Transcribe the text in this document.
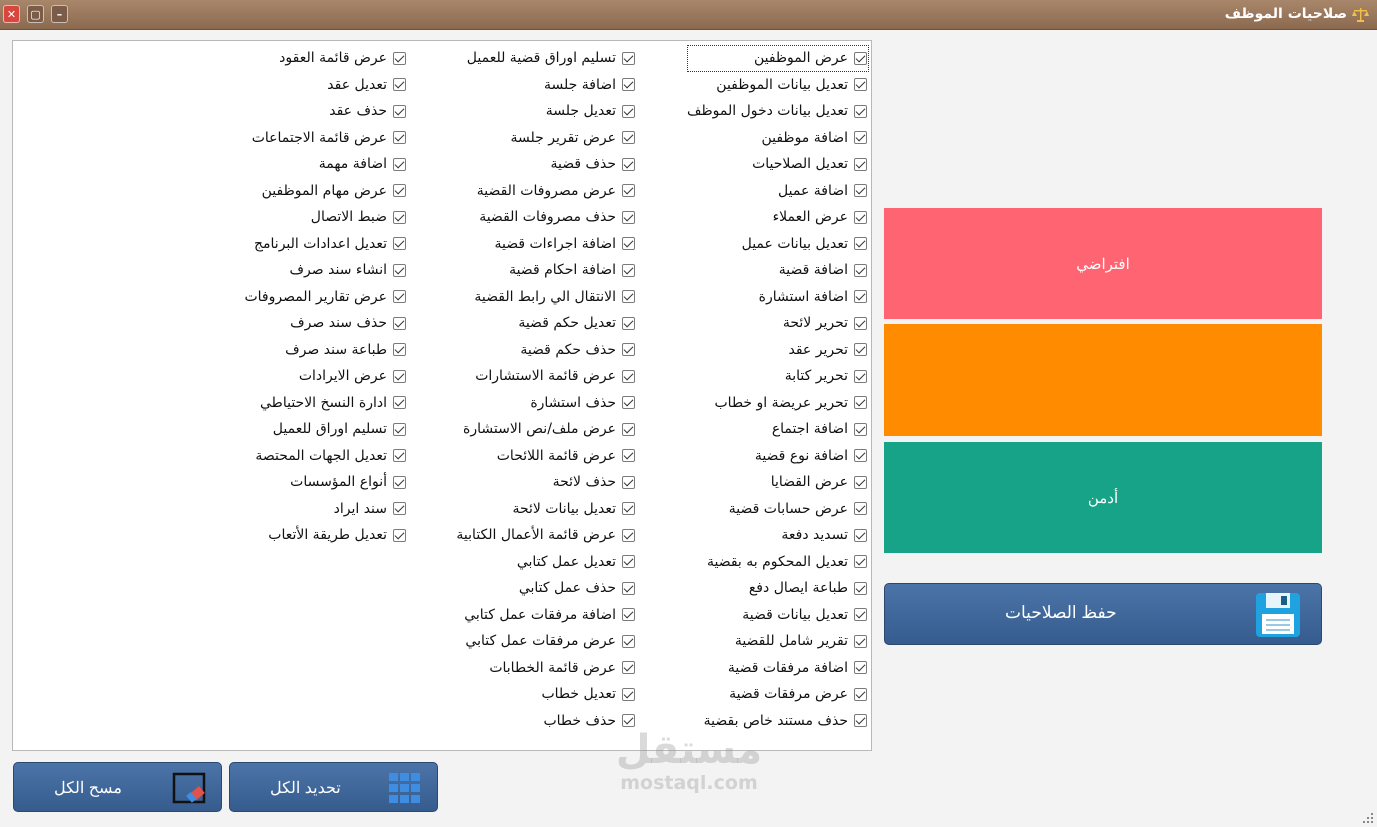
✕	▢	–	صلاحيات الموظف
عرض الموظفين
تعديل بيانات الموظفين
تعديل بيانات دخول الموظف
اضافة موظفين
تعديل الصلاحيات
اضافة عميل
عرض العملاء
تعديل بيانات عميل
اضافة قضية
اضافة استشارة
تحرير لائحة
تحرير عقد
تحرير كتابة
تحرير عريضة او خطاب
اضافة اجتماع
اضافة نوع قضية
عرض القضايا
عرض حسابات قضية
تسديد دفعة
تعديل المحكوم به بقضية
طباعة ايصال دفع
تعديل بيانات قضية
تقرير شامل للقضية
اضافة مرفقات قضية
عرض مرفقات قضية
حذف مستند خاص بقضية
تسليم اوراق قضية للعميل
اضافة جلسة
تعديل جلسة
عرض تقرير جلسة
حذف قضية
عرض مصروفات القضية
حذف مصروفات القضية
اضافة اجراءات قضية
اضافة احكام قضية
الانتقال الي رابط القضية
تعديل حكم قضية
حذف حكم قضية
عرض قائمة الاستشارات
حذف استشارة
عرض ملف/نص الاستشارة
عرض قائمة اللائحات
حذف لائحة
تعديل بيانات لائحة
عرض قائمة الأعمال الكتابية
تعديل عمل كتابي
حذف عمل كتابي
اضافة مرفقات عمل كتابي
عرض مرفقات عمل كتابي
عرض قائمة الخطابات
تعديل خطاب
حذف خطاب
عرض قائمة العقود
تعديل عقد
حذف عقد
عرض قائمة الاجتماعات
اضافة مهمة
عرض مهام الموظفين
ضبط الاتصال
تعديل اعدادات البرنامج
انشاء سند صرف
عرض تقارير المصروفات
حذف سند صرف
طباعة سند صرف
عرض الايرادات
ادارة النسخ الاحتياطي
تسليم اوراق للعميل
تعديل الجهات المحتصة
أنواع المؤسسات
سند ايراد
تعديل طريقة الأتعاب
افتراضي
أدمن
حفظ الصلاحيات
تحديد الكل
مسح الكل
مستقل
mostaql.com
